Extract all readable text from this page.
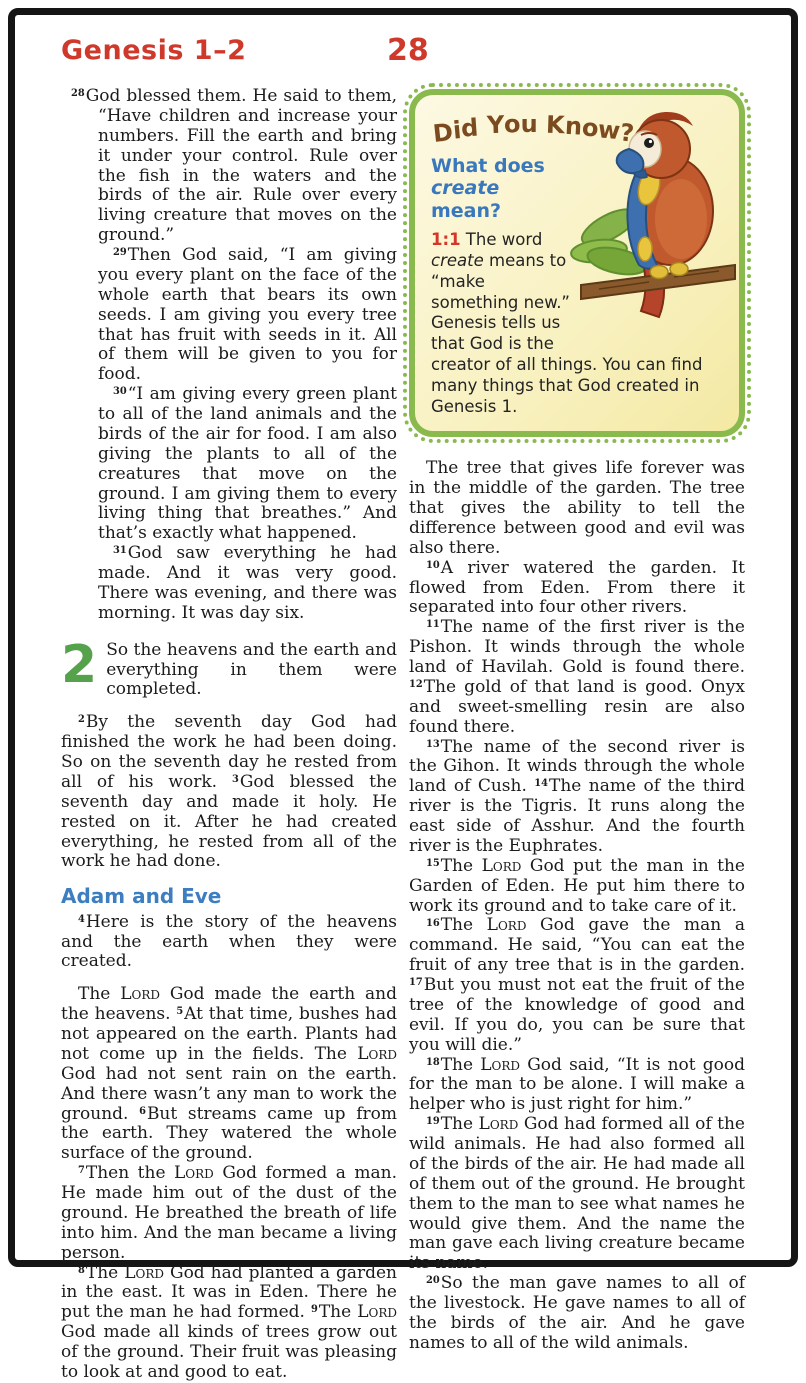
Genesis 1–2	28

$^{28}$God blessed them. He said to them, “Have children and increase your numbers. Fill the earth and bring it under your control. Rule over the fish in the waters and the birds of the air. Rule over every living creature that moves on the ground.”

$^{29}$Then God said, “I am giving you every plant on the face of the whole earth that bears its own seeds. I am giving you every tree that has fruit with seeds in it. All of them will be given to you for food.

$^{30}$“I am giving every green plant to all of the land animals and the birds of the air for food. I am also giving the plants to all of the creatures that move on the ground. I am giving them to every living thing that breathes.” And that’s exactly what happened.

$^{31}$God saw everything he had made. And it was very good. There was evening, and there was morning. It was day six.

2 So the heavens and the earth and everything in them were completed.

$^2$By the seventh day God had finished the work he had been doing. So on the seventh day he rested from all of his work. $^3$God blessed the seventh day and made it holy. He rested on it. After he had created everything, he rested from all of the work he had done.

Adam and Eve

$^4$Here is the story of the heavens and the earth when they were created.

The Lord God made the earth and the heavens. $^5$At that time, bushes had not appeared on the earth. Plants had not come up in the fields. The Lord God had not sent rain on the earth. And there wasn’t any man to work the ground. $^6$But streams came up from the earth. They watered the whole surface of the ground.

$^7$Then the Lord God formed a man. He made him out of the dust of the ground. He breathed the breath of life into him. And the man became a living person.

$^8$The Lord God had planted a garden in the east. It was in Eden. There he put the man he had formed. $^9$The Lord God made all kinds of trees grow out of the ground. Their fruit was pleasing to look at and good to eat.

Did You Know?
What does create mean?
1:1 The word create means to “make something new.” Genesis tells us that God is the creator of all things. You can find many things that God created in Genesis 1.

The tree that gives life forever was in the middle of the garden. The tree that gives the ability to tell the difference between good and evil was also there.

$^{10}$A river watered the garden. It flowed from Eden. From there it separated into four other rivers.

$^{11}$The name of the first river is the Pishon. It winds through the whole land of Havilah. Gold is found there. $^{12}$The gold of that land is good. Onyx and sweet-smelling resin are also found there.

$^{13}$The name of the second river is the Gihon. It winds through the whole land of Cush. $^{14}$The name of the third river is the Tigris. It runs along the east side of Asshur. And the fourth river is the Euphrates.

$^{15}$The Lord God put the man in the Garden of Eden. He put him there to work its ground and to take care of it.

$^{16}$The Lord God gave the man a command. He said, “You can eat the fruit of any tree that is in the garden. $^{17}$But you must not eat the fruit of the tree of the knowledge of good and evil. If you do, you can be sure that you will die.”

$^{18}$The Lord God said, “It is not good for the man to be alone. I will make a helper who is just right for him.”

$^{19}$The Lord God had formed all of the wild animals. He had also formed all of the birds of the air. He had made all of them out of the ground. He brought them to the man to see what names he would give them. And the name the man gave each living creature became its name.

$^{20}$So the man gave names to all of the livestock. He gave names to all of the birds of the air. And he gave names to all of the wild animals.
